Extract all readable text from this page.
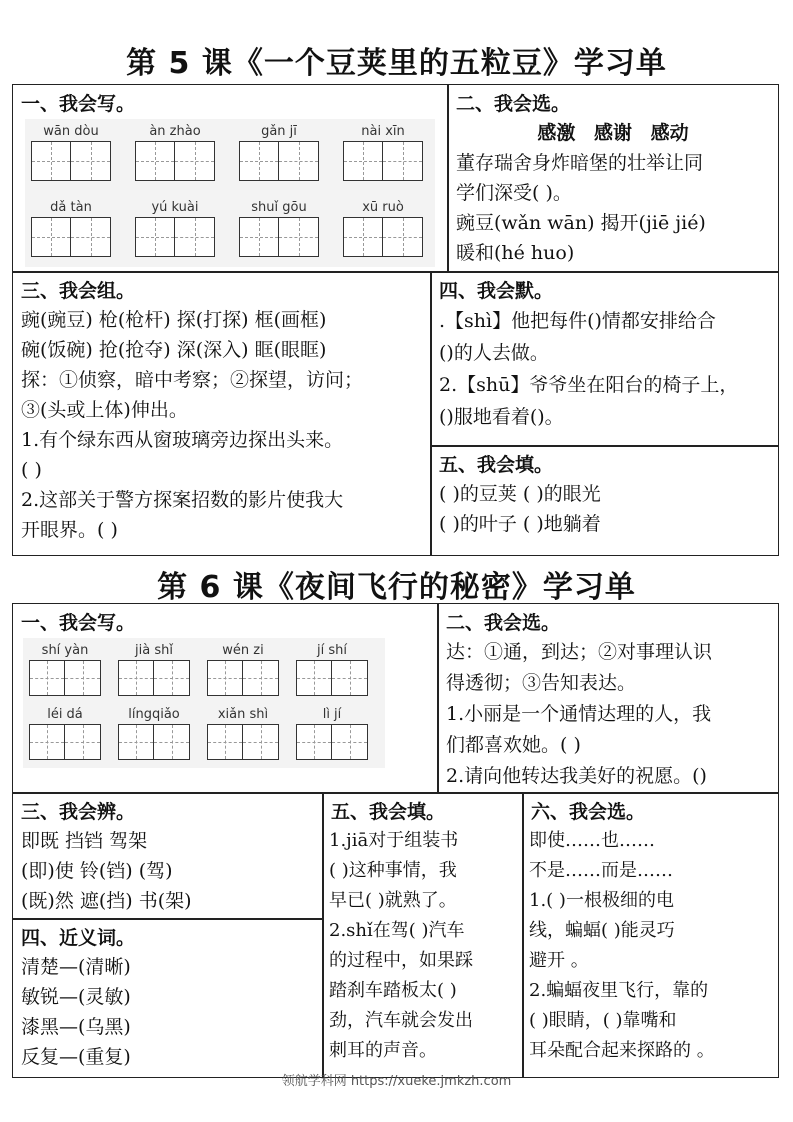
第 5 课《一个豆荚里的五粒豆》学习单
一、我会写。
wān dòu	àn zhào	gǎn jī	nài xīn
dǎ tàn	yú kuài	shuǐ gōu	xū ruò
二、我会选。
感激 感谢 感动
董存瑞舍身炸暗堡的壮举让同
学们深受( )。
豌豆(wǎn wān) 揭开(jiē jié)
暖和(hé huo)
三、我会组。
豌(豌豆) 枪(枪杆) 探(打探) 框(画框)
碗(饭碗) 抢(抢夺) 深(深入) 眶(眼眶)
探：①侦察，暗中考察；②探望，访问；
③(头或上体)伸出。
1.有个绿东西从窗玻璃旁边探出头来。
( )
2.这部关于警方探案招数的影片使我大
开眼界。( )
四、我会默。
.【shì】他把每件()情都安排给合
()的人去做。
2.【shū】爷爷坐在阳台的椅子上，
()服地看着()。
五、我会填。
( )的豆荚 ( )的眼光
( )的叶子 ( )地躺着
第 6 课《夜间飞行的秘密》学习单
一、我会写。
shí yàn	jià shǐ	wén zi	jí shí
léi dá	língqiǎo	xiǎn shì	lì jí
二、我会选。
达：①通，到达；②对事理认识
得透彻；③告知表达。
1.小丽是一个通情达理的人，我
们都喜欢她。( )
2.请向他转达我美好的祝愿。()
三、我会辨。
即既 挡铛 驾架
(即)使 铃(铛) (驾)
(既)然 遮(挡) 书(架)
四、近义词。
清楚—(清晰)
敏锐—(灵敏)
漆黑—(乌黑)
反复—(重复)
五、我会填。
1.jiā对于组装书
( )这种事情，我
早已( )就熟了。
2.shǐ在驾( )汽车
的过程中，如果踩
踏刹车踏板太( )
劲，汽车就会发出
刺耳的声音。
六、我会选。
即使……也……
不是……而是……
1.( )一根极细的电
线，蝙蝠( )能灵巧
避开 。
2.蝙蝠夜里飞行，靠的
( )眼睛，( )靠嘴和
耳朵配合起来探路的 。
领航学科网 https://xueke.jmkzh.com
